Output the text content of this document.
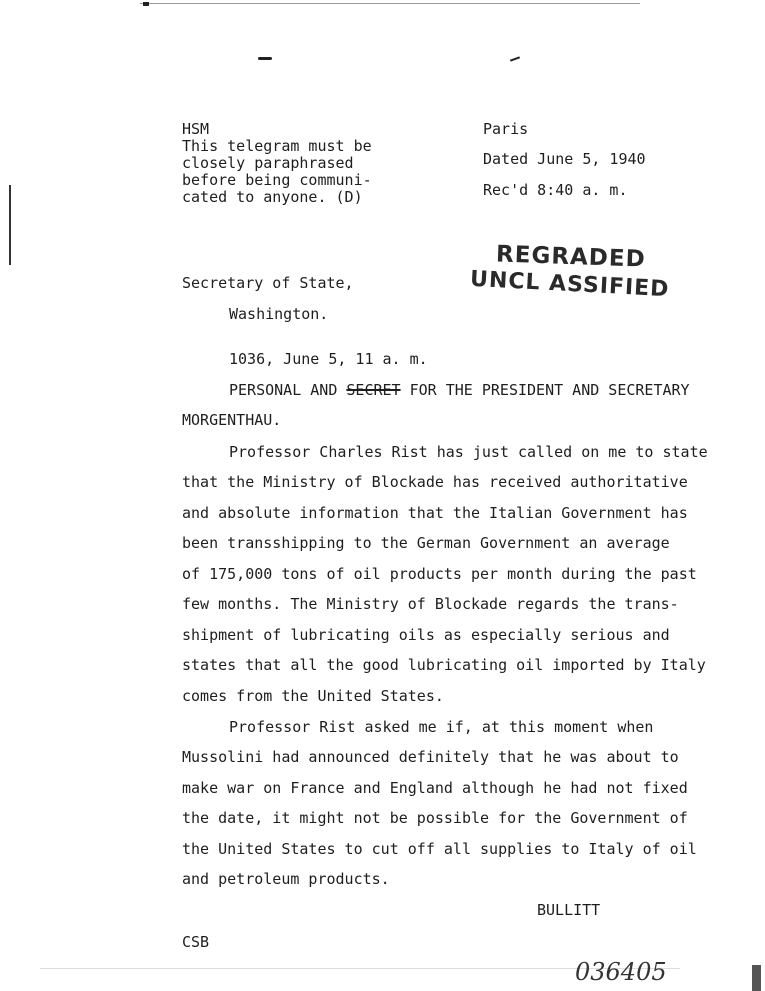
HSM
This telegram must be
closely paraphrased
before being communi-
cated to anyone. (D)
Paris
Dated June 5, 1940
Rec'd 8:40 a. m.
REGRADED
UNCL ASSIFIED
Secretary of State,
Washington.
1036, June 5, 11 a. m.
PERSONAL AND SECRET FOR THE PRESIDENT AND SECRETARY
MORGENTHAU.
Professor Charles Rist has just called on me to state
that the Ministry of Blockade has received authoritative
and absolute information that the Italian Government has
been transshipping to the German Government an average
of 175,000 tons of oil products per month during the past
few months. The Ministry of Blockade regards the trans-
shipment of lubricating oils as especially serious and
states that all the good lubricating oil imported by Italy
comes from the United States.
Professor Rist asked me if, at this moment when
Mussolini had announced definitely that he was about to
make war on France and England although he had not fixed
the date, it might not be possible for the Government of
the United States to cut off all supplies to Italy of oil
and petroleum products.
BULLITT
CSB
036405
